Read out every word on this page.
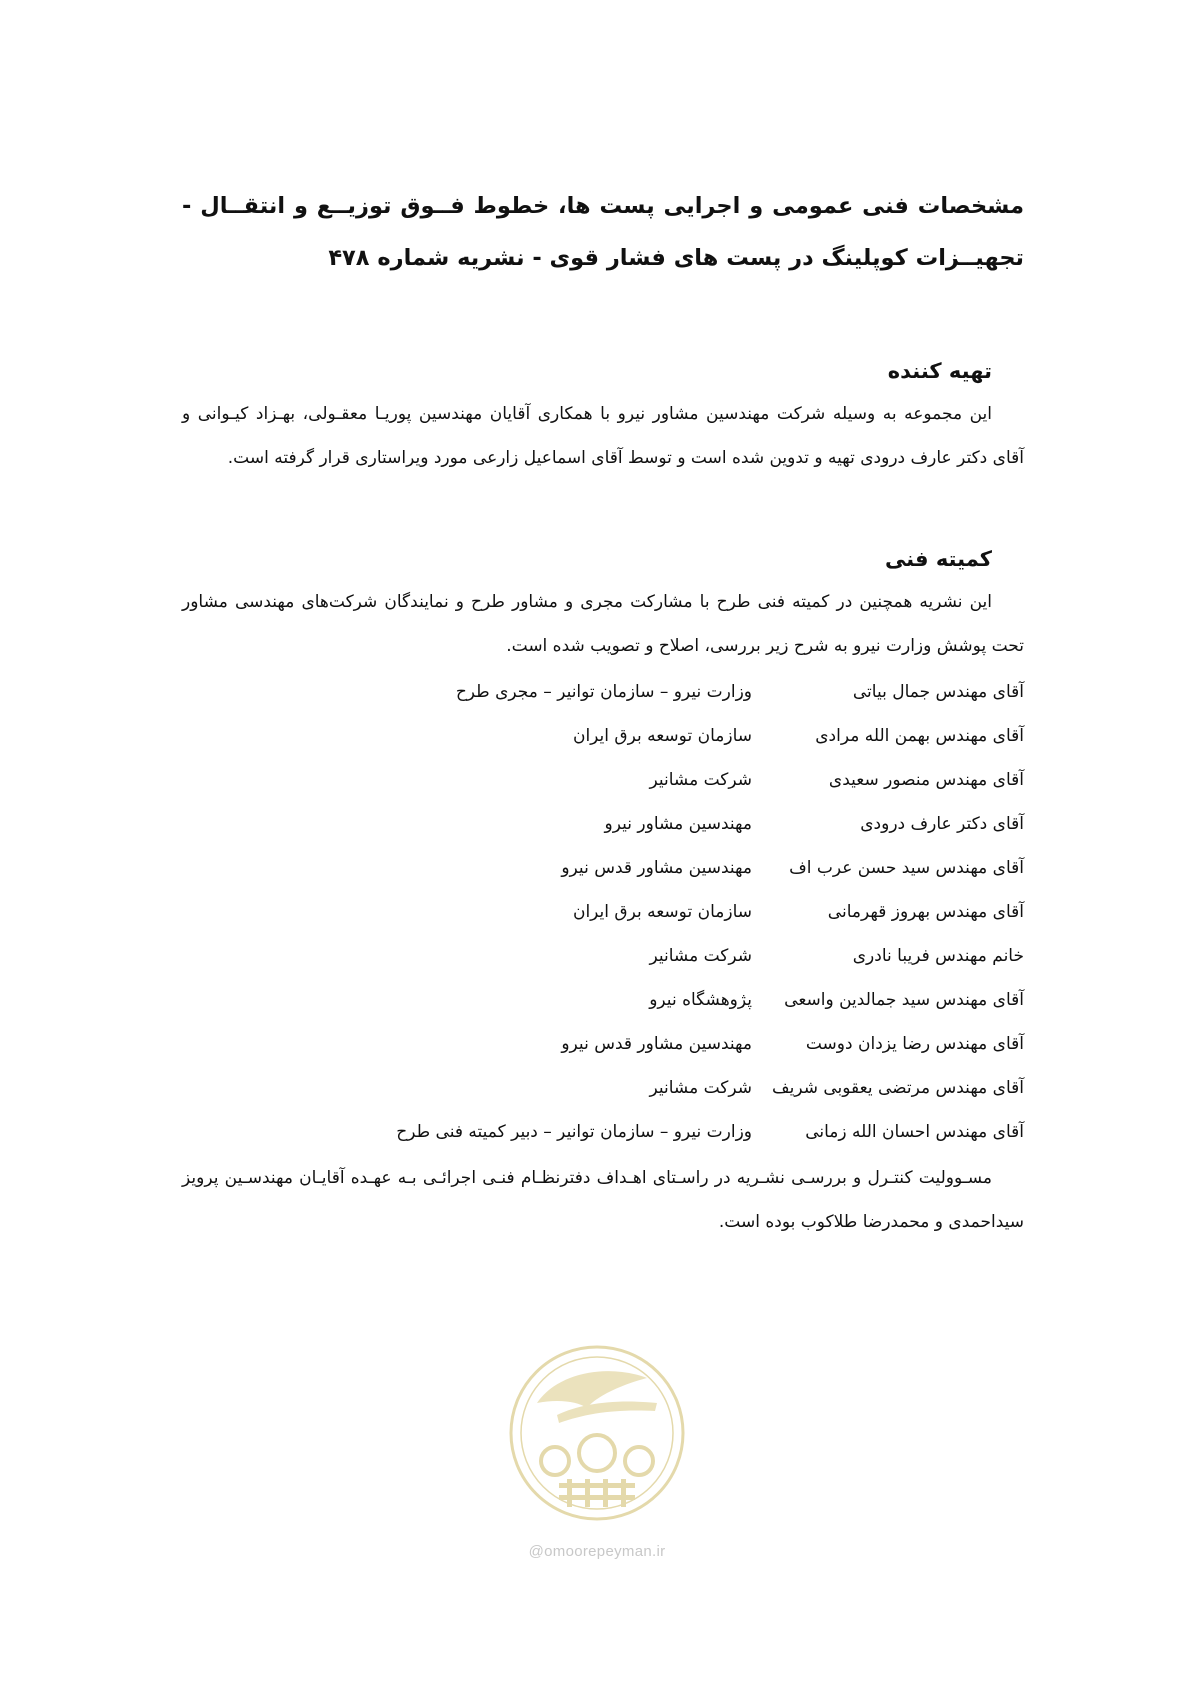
مشخصات فنی عمومی و اجرایی پست ها، خطوط فــوق توزیــع و انتقــال - تجهیــزات کوپلینگ در پست های فشار قوی - نشریه شماره ۴۷۸
تهیه کننده

این مجموعه به وسیله شرکت مهندسین مشاور نیرو با همکاری آقایان مهندسین پوریـا معقـولی، بهـزاد کیـوانی و آقای دکتر عارف درودی تهیه و تدوین شده است و توسط آقای اسماعیل زارعی مورد ویراستاری قرار گرفته است.

کمیته فنی

این نشریه همچنین در کمیته فنی طرح با مشارکت مجری و مشاور طرح و نمایندگان شرکت‌های مهندسی مشاور تحت پوشش وزارت نیرو به شرح زیر بررسی، اصلاح و تصویب شده است.

آقای مهندس جمال بیاتی
وزارت نیرو – سازمان توانیر – مجری طرح
آقای مهندس بهمن الله مرادی
سازمان توسعه برق ایران
آقای مهندس منصور سعیدی
شرکت مشانیر
آقای دکتر عارف درودی
مهندسین مشاور نیرو
آقای مهندس سید حسن عرب اف
مهندسین مشاور قدس نیرو
آقای مهندس بهروز قهرمانی
سازمان توسعه برق ایران
خانم مهندس فریبا نادری
شرکت مشانیر
آقای مهندس سید جمالدین واسعی
پژوهشگاه نیرو
آقای مهندس رضا یزدان دوست
مهندسین مشاور قدس نیرو
آقای مهندس مرتضی یعقوبی شریف
شرکت مشانیر
آقای مهندس احسان الله زمانی
وزارت نیرو – سازمان توانیر – دبیر کمیته فنی طرح

مسـوولیت کنتـرل و بررسـی نشـریه در راسـتای اهـداف دفترنظـام فنـی اجرائـی بـه عهـده آقایـان مهندسـین پرویز سیداحمدی و محمدرضا طلاکوب بوده است.

@omoorepeyman.ir
